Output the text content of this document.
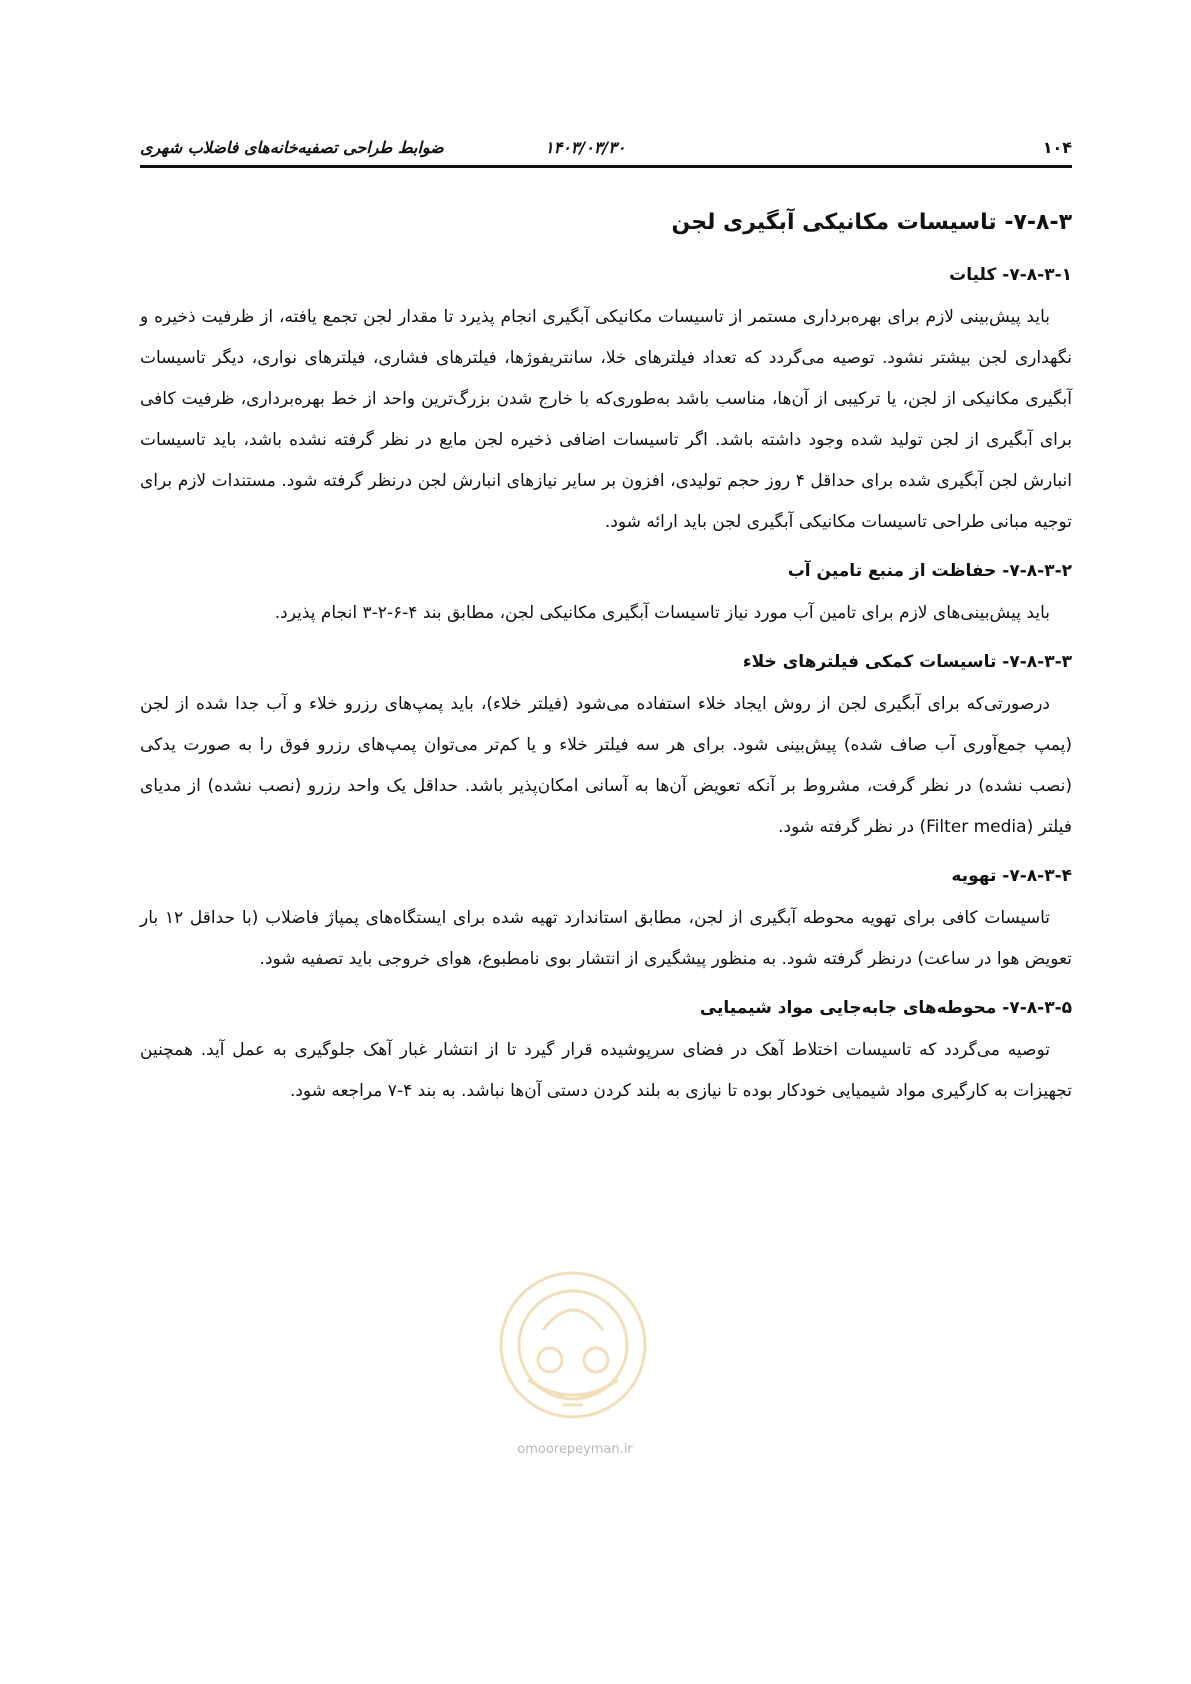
۱۰۴
۱۴۰۳/۰۳/۳۰
ضوابط طراحی تصفیه‌خانه‌های فاضلاب شهری
۷-۸-۳- تاسیسات مکانیکی آبگیری لجن
۷-۸-۳-۱- کلیات

باید پیش‌بینی لازم برای بهره‌برداری مستمر از تاسیسات مکانیکی آبگیری انجام پذیرد تا مقدار لجن تجمع یافته، از ظرفیت ذخیره و نگهداری لجن بیشتر نشود. توصیه می‌گردد که تعداد فیلترهای خلا، سانتریفوژها، فیلترهای فشاری، فیلترهای نواری، دیگر تاسیسات آبگیری مکانیکی از لجن، یا ترکیبی از آن‌ها، مناسب باشد به‌طوری‌که با خارج شدن بزرگ‌ترین واحد از خط بهره‌برداری، ظرفیت کافی برای آبگیری از لجن تولید شده وجود داشته باشد. اگر تاسیسات اضافی ذخیره لجن مایع در نظر گرفته نشده باشد، باید تاسیسات انبارش لجن آبگیری شده برای حداقل ۴ روز حجم تولیدی، افزون بر سایر نیازهای انبارش لجن درنظر گرفته شود. مستندات لازم برای توجیه مبانی طراحی تاسیسات مکانیکی آبگیری لجن باید ارائه شود.

۷-۸-۳-۲- حفاظت از منبع تامین آب

باید پیش‌بینی‌های لازم برای تامین آب مورد نیاز تاسیسات آبگیری مکانیکی لجن، مطابق بند ۴-۶-۲-۳ انجام پذیرد.

۷-۸-۳-۳- تاسیسات کمکی فیلترهای خلاء

درصورتی‌که برای آبگیری لجن از روش ایجاد خلاء استفاده می‌شود (فیلتر خلاء)، باید پمپ‌های رزرو خلاء و آب جدا شده از لجن (پمپ جمع‌آوری آب صاف شده) پیش‌بینی شود. برای هر سه فیلتر خلاء و یا کم‌تر می‌توان پمپ‌های رزرو فوق را به صورت یدکی (نصب نشده) در نظر گرفت، مشروط بر آنکه تعویض آن‌ها به آسانی امکان‌پذیر باشد. حداقل یک واحد رزرو (نصب نشده) از مدیای فیلتر (Filter media) در نظر گرفته شود.

۷-۸-۳-۴- تهویه

تاسیسات کافی برای تهویه محوطه آبگیری از لجن، مطابق استاندارد تهیه شده برای ایستگاه‌های پمپاژ فاضلاب (با حداقل ۱۲ بار تعویض هوا در ساعت) درنظر گرفته شود. به منظور پیشگیری از انتشار بوی نامطبوع، هوای خروجی باید تصفیه شود.

۷-۸-۳-۵- محوطه‌های جابه‌جایی مواد شیمیایی

توصیه می‌گردد که تاسیسات اختلاط آهک در فضای سرپوشیده قرار گیرد تا از انتشار غبار آهک جلوگیری به عمل آید. همچنین تجهیزات به کارگیری مواد شیمیایی خودکار بوده تا نیازی به بلند کردن دستی آن‌ها نباشد. به بند ۴-۷ مراجعه شود.

omoorepeyman.ir
